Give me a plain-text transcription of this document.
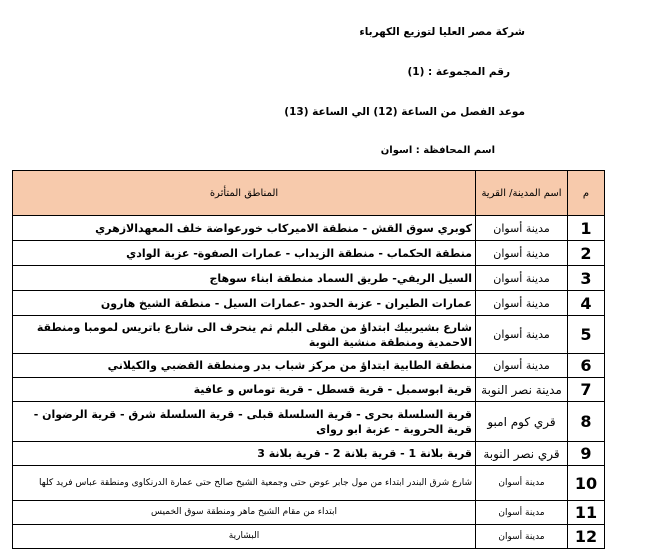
شركة مصر العليا لتوزيع الكهرباء
رقم المجموعة : (1)
موعد الفصل من الساعة (12) الي الساعة (13)
اسم المحافظة : اسوان
م	اسم المدينة/ القرية	المناطق المتأثرة
1	مدينة أسوان	كوبري سوق القش - منطقة الاميركاب خورعواضة خلف المعهدالازهري
2	مدينة أسوان	منطقة الحكماب - منطقة الزيداب - عمارات الصفوة- عزبة الوادي
3	مدينة أسوان	السيل الريفي- طريق السماد منطقة ابناء سوهاج
4	مدينة أسوان	عمارات الطيران - عزبة الحدود -عمارات السيل - منطقة الشيخ هارون
5	مدينة أسوان	شارع بشيربيك ابتداؤ من مقلى البلم ثم ينحرف الى شارع باتريس لمومبا ومنطقة الاحمدية ومنطقة منشية النوبة
6	مدينة أسوان	منطقة الطابية ابتداؤ من مركز شباب بدر ومنطقة القضبي والكيلاني
7	مدينة نصر النوبة	قرية ابوسمبل - قرية قسطل - قرية توماس و عافية
8	قري كوم امبو	قرية السلسلة بحرى - قرية السلسلة قبلى - قرية السلسلة شرق - قرية الرضوان - قرية الحروبة - عزبة ابو رواى
9	قري نصر النوبة	قرية بلانة 1 - قرية بلانة 2 - قرية بلانة 3
10	مدينة أسوان	شارع شرق البندر ابتداء من مول جابر عوض حتى وجمعية الشيخ صالح حتى عمارة الدرنكاوى ومنطقة عباس فريد كلها
11	مدينة أسوان	ابتداء من مقام الشيخ ماهر ومنطقة سوق الخميس
12	مدينة أسوان	البشارية
